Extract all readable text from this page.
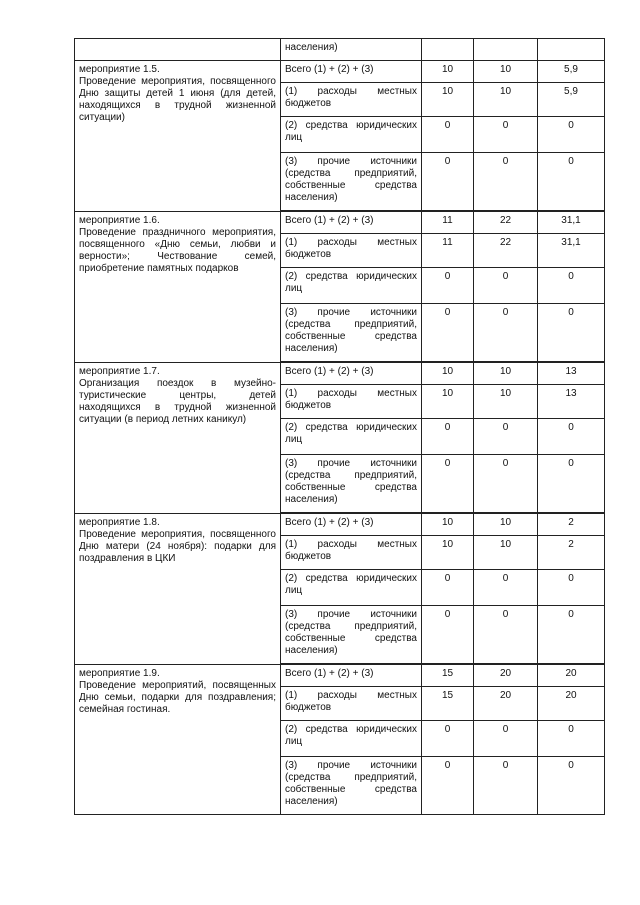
	населения)			

мероприятие 1.5.
Проведение мероприятия, посвященного Дню защиты детей 1 июня (для детей, находящихся в трудной жизненной ситуации)	Всего (1) + (2) + (3)	10	10	5,9
	(1) расходы местных бюджетов	10	10	5,9
	(2) средства юридических лиц	0	0	0
	(3) прочие источники (средства предприятий, собственные средства населения)	0	0	0

мероприятие 1.6.
Проведение праздничного мероприятия, посвященного «Дню семьи, любви и верности»; Чествование семей, приобретение памятных подарков	Всего (1) + (2) + (3)	11	22	31,1
	(1) расходы местных бюджетов	11	22	31,1
	(2) средства юридических лиц	0	0	0
	(3) прочие источники (средства предприятий, собственные средства населения)	0	0	0

мероприятие 1.7.
Организация поездок в музейно-туристические центры, детей находящихся в трудной жизненной ситуации (в период летних каникул)	Всего (1) + (2) + (3)	10	10	13
	(1) расходы местных бюджетов	10	10	13
	(2) средства юридических лиц	0	0	0
	(3) прочие источники (средства предприятий, собственные средства населения)	0	0	0

мероприятие 1.8.
Проведение мероприятия, посвященного Дню матери (24 ноября): подарки для поздравления в ЦКИ	Всего (1) + (2) + (3)	10	10	2
	(1) расходы местных бюджетов	10	10	2
	(2) средства юридических лиц	0	0	0
	(3) прочие источники (средства предприятий, собственные средства населения)	0	0	0

мероприятие 1.9.
Проведение мероприятий, посвященных Дню семьи, подарки для поздравления; семейная гостиная.	Всего (1) + (2) + (3)	15	20	20
	(1) расходы местных бюджетов	15	20	20
	(2) средства юридических лиц	0	0	0
	(3) прочие источники (средства предприятий, собственные средства населения)	0	0	0
